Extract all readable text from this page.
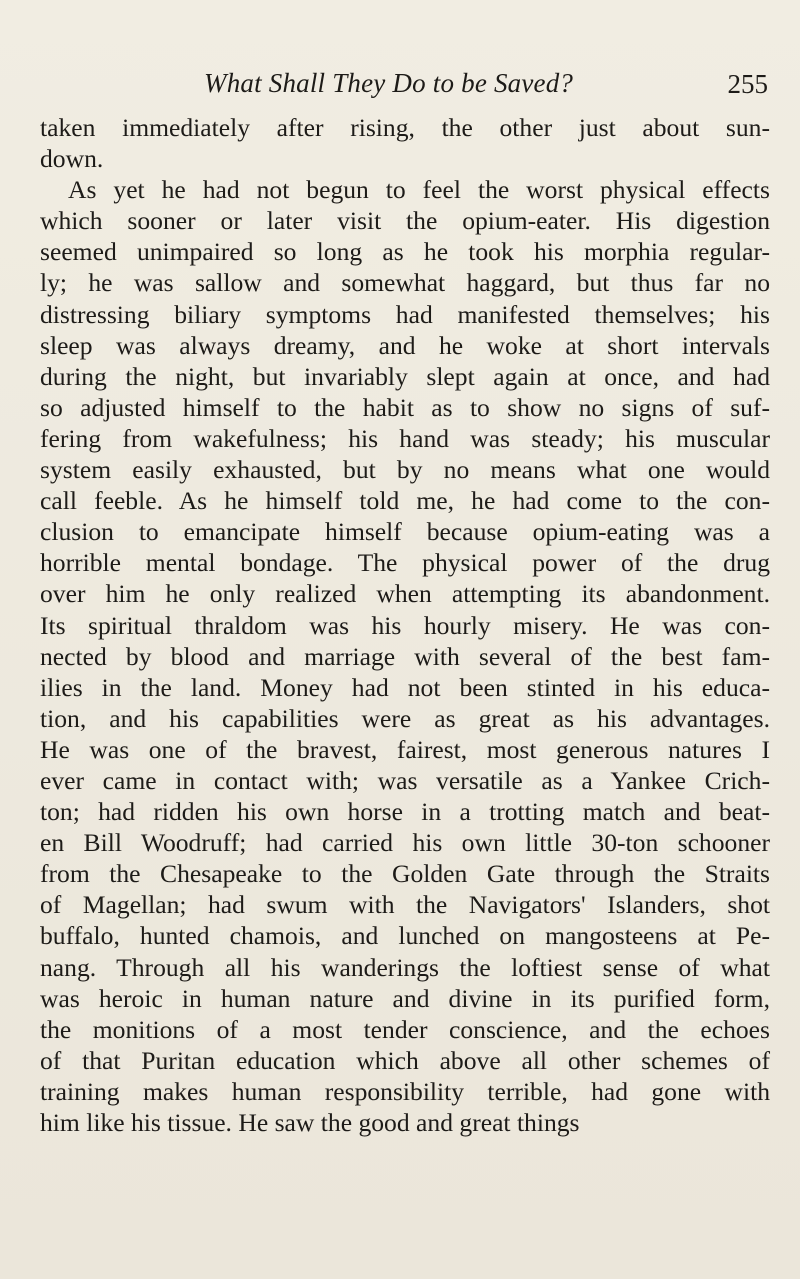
What Shall They Do to be Saved?	255
taken immediately after rising, the other just about sun-
down.
As yet he had not begun to feel the worst physical effects
which sooner or later visit the opium-eater. His digestion
seemed unimpaired so long as he took his morphia regular-
ly; he was sallow and somewhat haggard, but thus far no
distressing biliary symptoms had manifested themselves; his
sleep was always dreamy, and he woke at short intervals
during the night, but invariably slept again at once, and had
so adjusted himself to the habit as to show no signs of suf-
fering from wakefulness; his hand was steady; his muscular
system easily exhausted, but by no means what one would
call feeble. As he himself told me, he had come to the con-
clusion to emancipate himself because opium-eating was a
horrible mental bondage. The physical power of the drug
over him he only realized when attempting its abandonment.
Its spiritual thraldom was his hourly misery. He was con-
nected by blood and marriage with several of the best fam-
ilies in the land. Money had not been stinted in his educa-
tion, and his capabilities were as great as his advantages.
He was one of the bravest, fairest, most generous natures I
ever came in contact with; was versatile as a Yankee Crich-
ton; had ridden his own horse in a trotting match and beat-
en Bill Woodruff; had carried his own little 30-ton schooner
from the Chesapeake to the Golden Gate through the Straits
of Magellan; had swum with the Navigators' Islanders, shot
buffalo, hunted chamois, and lunched on mangosteens at Pe-
nang. Through all his wanderings the loftiest sense of what
was heroic in human nature and divine in its purified form,
the monitions of a most tender conscience, and the echoes
of that Puritan education which above all other schemes of
training makes human responsibility terrible, had gone with
him like his tissue. He saw the good and great things
